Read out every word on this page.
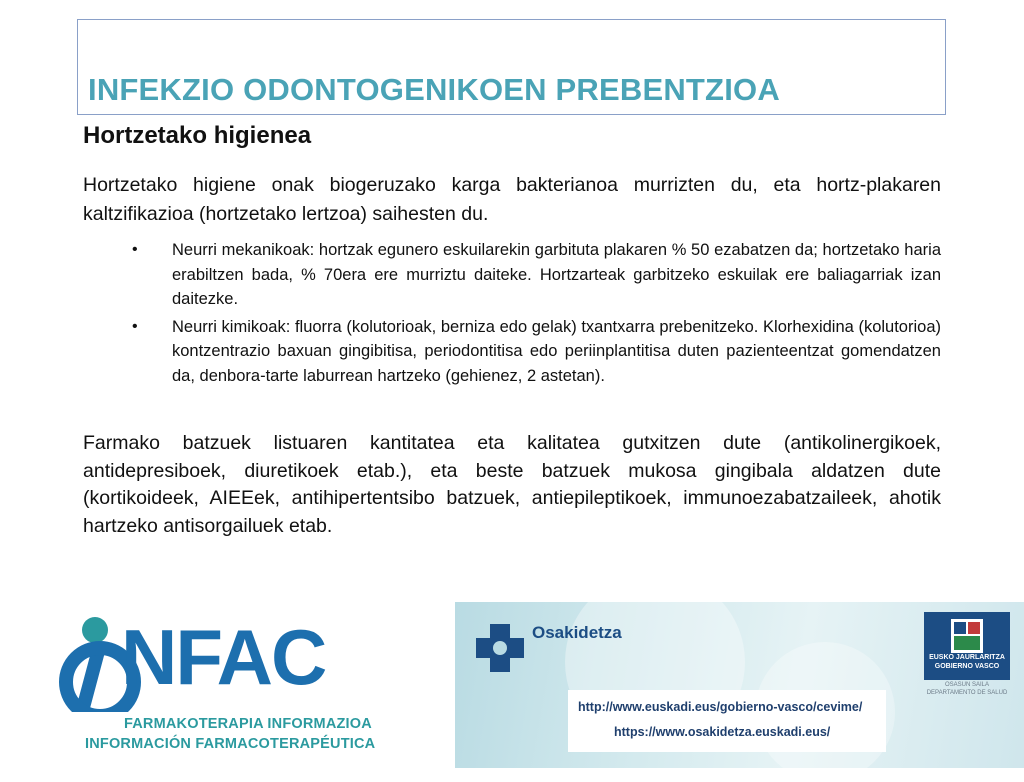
INFEKZIO ODONTOGENIKOEN PREBENTZIOA
Hortzetako higienea

Hortzetako higiene onak biogeruzako karga bakterianoa murrizten du, eta hortz-plakaren kaltzifikazioa (hortzetako lertzoa) saihesten du.

• Neurri mekanikoak: hortzak egunero eskuilarekin garbituta plakaren % 50 ezabatzen da; hortzetako haria erabiltzen bada, % 70era ere murriztu daiteke. Hortzarteak garbitzeko eskuilak ere baliagarriak izan daitezke.
• Neurri kimikoak: fluorra (kolutorioak, berniza edo gelak) txantxarra prebenitzeko. Klorhexidina (kolutorioa) kontzentrazio baxuan gingibitisa, periodontitisa edo periinplantitisa duten pazienteentzat gomendatzen da, denbora-tarte laburrean hartzeko (gehienez, 2 astetan).

Farmako batzuek listuaren kantitatea eta kalitatea gutxitzen dute (antikolinergikoek, antidepresiboek, diuretikoek etab.), eta beste batzuek mukosa gingibala aldatzen dute (kortikoideek, AIEEek, antihipertentsibo batzuek, antiepileptikoek, immunoezabatzaileek, ahotik hartzeko antisorgailuek etab.

NFAC
FARMAKOTERAPIA INFORMAZIOA
INFORMACIÓN FARMACOTERAPÉUTICA
Osakidetza
EUSKO JAURLARITZA
GOBIERNO VASCO
OSASUN SAILA
DEPARTAMENTO DE SALUD
http://www.euskadi.eus/gobierno-vasco/cevime/
https://www.osakidetza.euskadi.eus/
